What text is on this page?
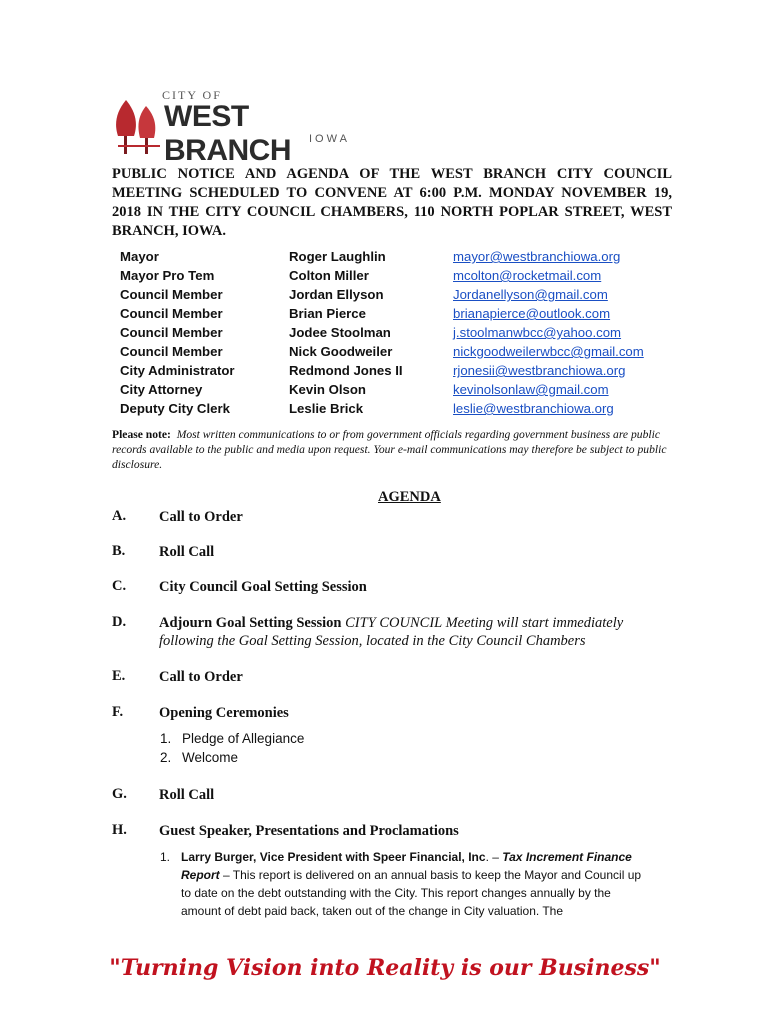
CITY OF
WEST BRANCH	IOWA
PUBLIC NOTICE AND AGENDA OF THE WEST BRANCH CITY COUNCIL MEETING SCHEDULED TO CONVENE AT 6:00 P.M. MONDAY NOVEMBER 19, 2018 IN THE CITY COUNCIL CHAMBERS, 110 NORTH POPLAR STREET, WEST BRANCH, IOWA.
Mayor	Roger Laughlin	mayor@westbranchiowa.org
Mayor Pro Tem	Colton Miller	mcolton@rocketmail.com
Council Member	Jordan Ellyson	Jordanellyson@gmail.com
Council Member	Brian Pierce	brianapierce@outlook.com
Council Member	Jodee Stoolman	j.stoolmanwbcc@yahoo.com
Council Member	Nick Goodweiler	nickgoodweilerwbcc@gmail.com
City Administrator	Redmond Jones II	rjonesii@westbranchiowa.org
City Attorney	Kevin Olson	kevinolsonlaw@gmail.com
Deputy City Clerk	Leslie Brick	leslie@westbranchiowa.org
Please note: Most written communications to or from government officials regarding government business are public records available to the public and media upon request. Your e-mail communications may therefore be subject to public disclosure.
AGENDA
A. Call to Order
B. Roll Call
C. City Council Goal Setting Session
D. Adjourn Goal Setting Session CITY COUNCIL Meeting will start immediately following the Goal Setting Session, located in the City Council Chambers
E. Call to Order
F. Opening Ceremonies
1. Pledge of Allegiance
2. Welcome
G. Roll Call
H. Guest Speaker, Presentations and Proclamations
1. Larry Burger, Vice President with Speer Financial, Inc. – Tax Increment Finance Report – This report is delivered on an annual basis to keep the Mayor and Council up to date on the debt outstanding with the City. This report changes annually by the amount of debt paid back, taken out of the change in City valuation. The
"Turning Vision into Reality is our Business"
